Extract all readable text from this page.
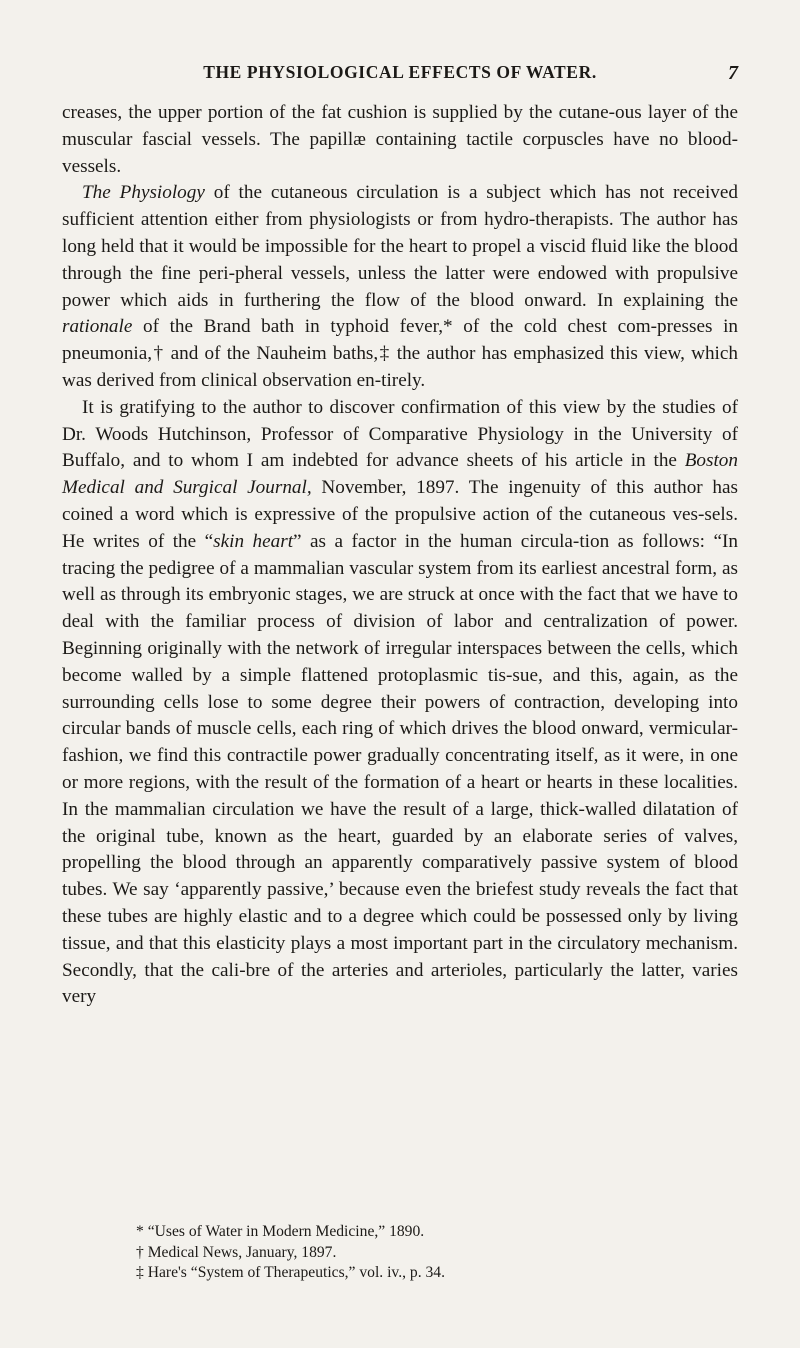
THE PHYSIOLOGICAL EFFECTS OF WATER.	7

creases, the upper portion of the fat cushion is supplied by the cutane-ous layer of the muscular fascial vessels. The papillæ containing tactile corpuscles have no blood-vessels.

The Physiology of the cutaneous circulation is a subject which has not received sufficient attention either from physiologists or from hydro-therapists. The author has long held that it would be impossible for the heart to propel a viscid fluid like the blood through the fine peri-pheral vessels, unless the latter were endowed with propulsive power which aids in furthering the flow of the blood onward. In explaining the rationale of the Brand bath in typhoid fever,* of the cold chest com-presses in pneumonia,† and of the Nauheim baths,‡ the author has emphasized this view, which was derived from clinical observation en-tirely.

It is gratifying to the author to discover confirmation of this view by the studies of Dr. Woods Hutchinson, Professor of Comparative Physiology in the University of Buffalo, and to whom I am indebted for advance sheets of his article in the Boston Medical and Surgical Journal, November, 1897. The ingenuity of this author has coined a word which is expressive of the propulsive action of the cutaneous ves-sels. He writes of the “skin heart” as a factor in the human circula-tion as follows: “In tracing the pedigree of a mammalian vascular system from its earliest ancestral form, as well as through its embryonic stages, we are struck at once with the fact that we have to deal with the familiar process of division of labor and centralization of power. Beginning originally with the network of irregular interspaces between the cells, which become walled by a simple flattened protoplasmic tis-sue, and this, again, as the surrounding cells lose to some degree their powers of contraction, developing into circular bands of muscle cells, each ring of which drives the blood onward, vermicular-fashion, we find this contractile power gradually concentrating itself, as it were, in one or more regions, with the result of the formation of a heart or hearts in these localities. In the mammalian circulation we have the result of a large, thick-walled dilatation of the original tube, known as the heart, guarded by an elaborate series of valves, propelling the blood through an apparently comparatively passive system of blood tubes. We say ‘apparently passive,’ because even the briefest study reveals the fact that these tubes are highly elastic and to a degree which could be possessed only by living tissue, and that this elasticity plays a most important part in the circulatory mechanism. Secondly, that the cali-bre of the arteries and arterioles, particularly the latter, varies very

* “Uses of Water in Modern Medicine,” 1890.
† Medical News, January, 1897.
‡ Hare's “System of Therapeutics,” vol. iv., p. 34.
